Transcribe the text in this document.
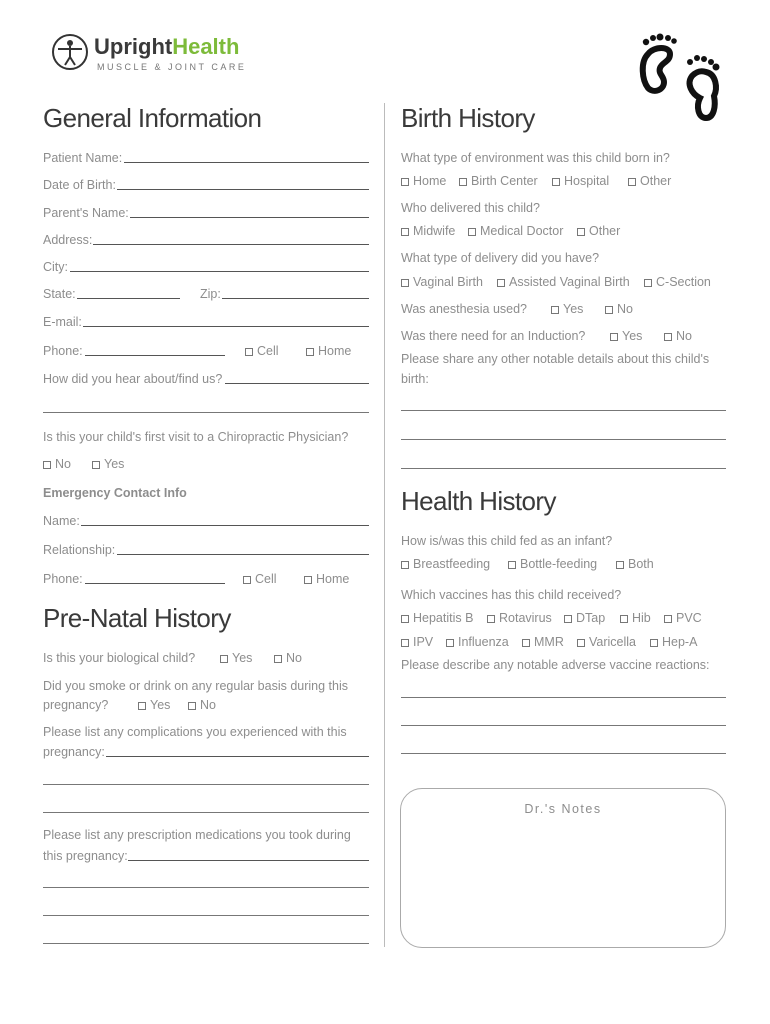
UprightHealth
MUSCLE & JOINT CARE
General Information
Patient Name:
Date of Birth:
Parent's Name:
Address:
City:
State:	Zip:
E-mail:
Phone:	Cell	Home
How did you hear about/find us?
Is this your child's first visit to a Chiropractic Physician?
No	Yes
Emergency Contact Info
Name:
Relationship:
Phone:	Cell	Home
Pre-Natal History
Is this your biological child?	Yes	No
Did you smoke or drink on any regular basis during this
pregnancy?	Yes	No
Please list any complications you experienced with this
pregnancy:
Please list any prescription medications you took during
this pregnancy:
Birth History
What type of environment was this child born in?
Home	Birth Center	Hospital	Other
Who delivered this child?
Midwife	Medical Doctor	Other
What type of delivery did you have?
Vaginal Birth	Assisted Vaginal Birth	C-Section
Was anesthesia used?	Yes	No
Was there need for an Induction?	Yes	No
Please share any other notable details about this child's
birth:
Health History
How is/was this child fed as an infant?
Breastfeeding	Bottle-feeding	Both
Which vaccines has this child received?
Hepatitis B	Rotavirus	DTap	Hib	PVC
IPV	Influenza	MMR	Varicella	Hep-A
Please describe any notable adverse vaccine reactions:
Dr.'s Notes
